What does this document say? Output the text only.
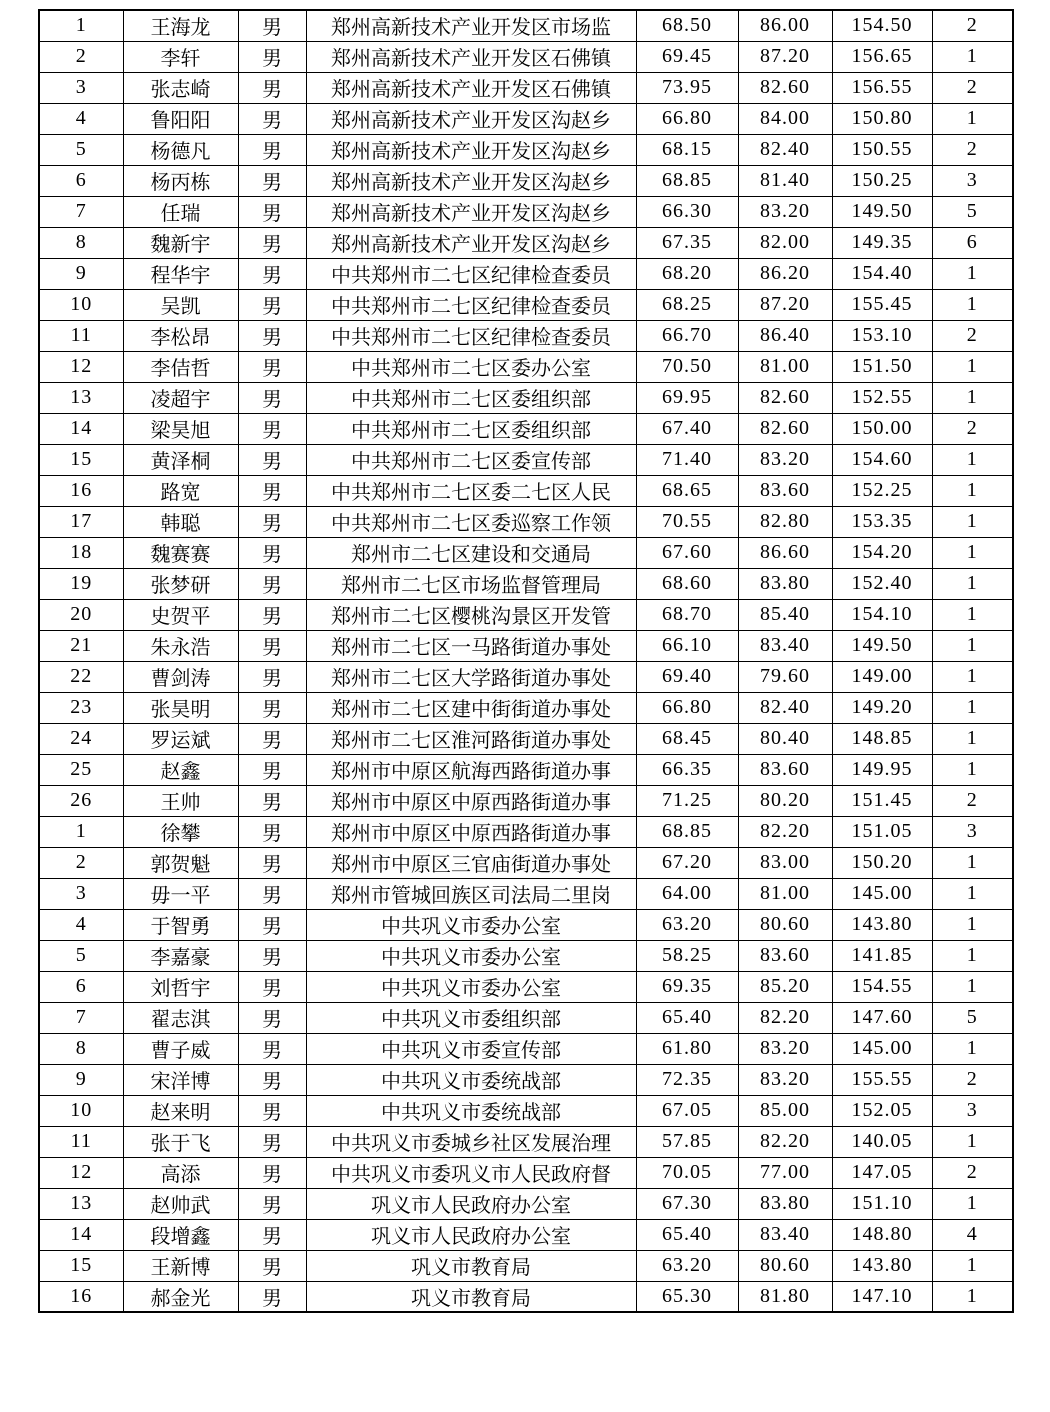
1	王海龙	男	郑州高新技术产业开发区市场监	68.50	86.00	154.50	2
2	李轩	男	郑州高新技术产业开发区石佛镇	69.45	87.20	156.65	1
3	张志崎	男	郑州高新技术产业开发区石佛镇	73.95	82.60	156.55	2
4	鲁阳阳	男	郑州高新技术产业开发区沟赵乡	66.80	84.00	150.80	1
5	杨德凡	男	郑州高新技术产业开发区沟赵乡	68.15	82.40	150.55	2
6	杨丙栋	男	郑州高新技术产业开发区沟赵乡	68.85	81.40	150.25	3
7	任瑞	男	郑州高新技术产业开发区沟赵乡	66.30	83.20	149.50	5
8	魏新宇	男	郑州高新技术产业开发区沟赵乡	67.35	82.00	149.35	6
9	程华宇	男	中共郑州市二七区纪律检查委员	68.20	86.20	154.40	1
10	吴凯	男	中共郑州市二七区纪律检查委员	68.25	87.20	155.45	1
11	李松昂	男	中共郑州市二七区纪律检查委员	66.70	86.40	153.10	2
12	李佶哲	男	中共郑州市二七区委办公室	70.50	81.00	151.50	1
13	凌超宇	男	中共郑州市二七区委组织部	69.95	82.60	152.55	1
14	梁昊旭	男	中共郑州市二七区委组织部	67.40	82.60	150.00	2
15	黄泽桐	男	中共郑州市二七区委宣传部	71.40	83.20	154.60	1
16	路宽	男	中共郑州市二七区委二七区人民	68.65	83.60	152.25	1
17	韩聪	男	中共郑州市二七区委巡察工作领	70.55	82.80	153.35	1
18	魏赛赛	男	郑州市二七区建设和交通局	67.60	86.60	154.20	1
19	张梦研	男	郑州市二七区市场监督管理局	68.60	83.80	152.40	1
20	史贺平	男	郑州市二七区樱桃沟景区开发管	68.70	85.40	154.10	1
21	朱永浩	男	郑州市二七区一马路街道办事处	66.10	83.40	149.50	1
22	曹剑涛	男	郑州市二七区大学路街道办事处	69.40	79.60	149.00	1
23	张昊明	男	郑州市二七区建中街街道办事处	66.80	82.40	149.20	1
24	罗运斌	男	郑州市二七区淮河路街道办事处	68.45	80.40	148.85	1
25	赵鑫	男	郑州市中原区航海西路街道办事	66.35	83.60	149.95	1
26	王帅	男	郑州市中原区中原西路街道办事	71.25	80.20	151.45	2
1	徐攀	男	郑州市中原区中原西路街道办事	68.85	82.20	151.05	3
2	郭贺魁	男	郑州市中原区三官庙街道办事处	67.20	83.00	150.20	1
3	毋一平	男	郑州市管城回族区司法局二里岗	64.00	81.00	145.00	1
4	于智勇	男	中共巩义市委办公室	63.20	80.60	143.80	1
5	李嘉豪	男	中共巩义市委办公室	58.25	83.60	141.85	1
6	刘哲宇	男	中共巩义市委办公室	69.35	85.20	154.55	1
7	翟志淇	男	中共巩义市委组织部	65.40	82.20	147.60	5
8	曹子威	男	中共巩义市委宣传部	61.80	83.20	145.00	1
9	宋洋博	男	中共巩义市委统战部	72.35	83.20	155.55	2
10	赵来明	男	中共巩义市委统战部	67.05	85.00	152.05	3
11	张于飞	男	中共巩义市委城乡社区发展治理	57.85	82.20	140.05	1
12	高添	男	中共巩义市委巩义市人民政府督	70.05	77.00	147.05	2
13	赵帅武	男	巩义市人民政府办公室	67.30	83.80	151.10	1
14	段增鑫	男	巩义市人民政府办公室	65.40	83.40	148.80	4
15	王新博	男	巩义市教育局	63.20	80.60	143.80	1
16	郝金光	男	巩义市教育局	65.30	81.80	147.10	1
